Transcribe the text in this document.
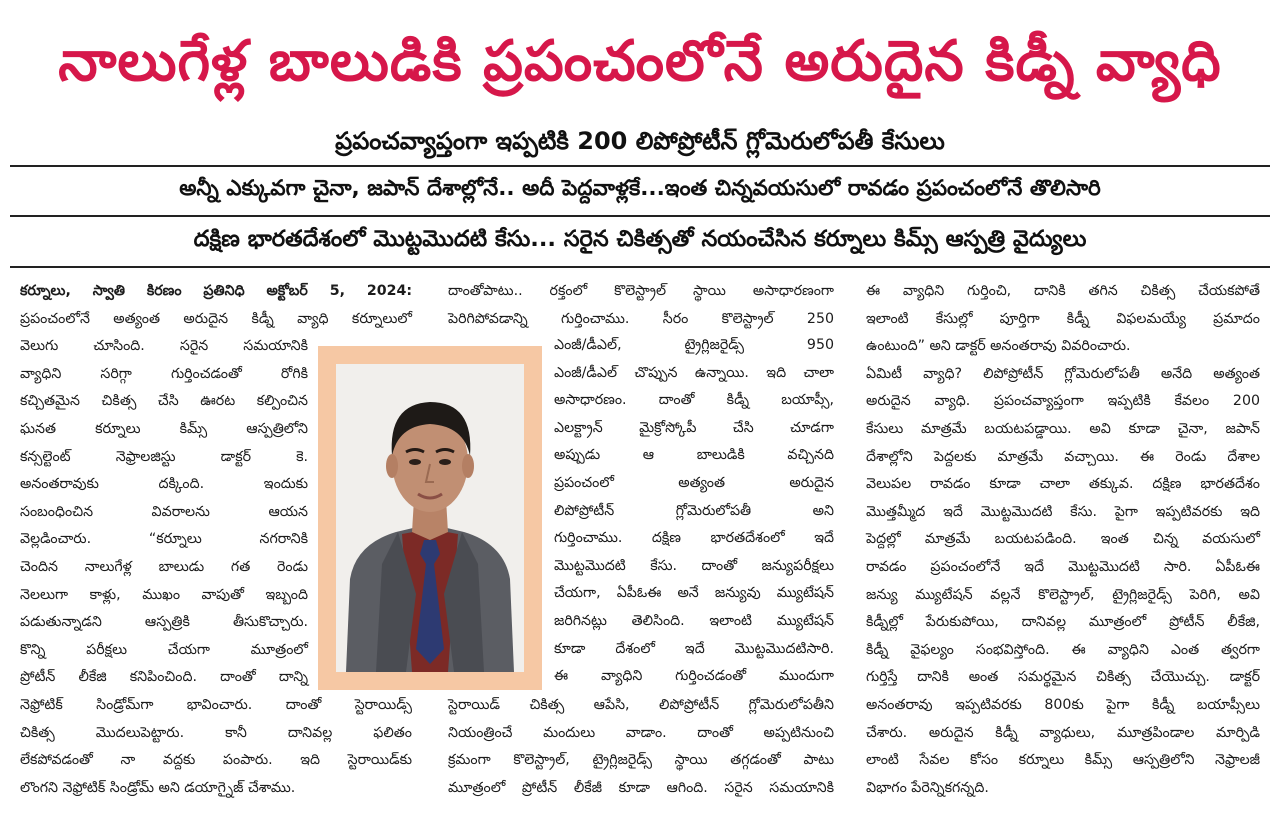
నాలుగేళ్ల బాలుడికి ప్రపంచంలోనే అరుదైన కిడ్నీ వ్యాధి
ప్రపంచవ్యాప్తంగా ఇప్పటికి 200 లిపోప్రోటీన్ గ్లోమెరులోపతీ కేసులు
అన్నీ ఎక్కువగా చైనా, జపాన్ దేశాల్లోనే.. అదీ పెద్దవాళ్లకే...ఇంత చిన్నవయసులో రావడం ప్రపంచంలోనే తొలిసారి
దక్షిణ భారతదేశంలో మొట్టమొదటి కేసు... సరైన చికిత్సతో నయంచేసిన కర్నూలు కిమ్స్ ఆస్పత్రి వైద్యులు

కర్నూలు, స్వాతి కిరణం ప్రతినిధి అక్టోబర్ 5, 2024:

ప్రపంచంలోనే అత్యంత అరుదైన కిడ్నీ వ్యాధి కర్నూలులో

వెలుగు చూసింది. సరైన సమయానికి

వ్యాధిని సరిగ్గా గుర్తించడంతో రోగికి

కచ్చితమైన చికిత్స చేసి ఊరట కల్పించిన

ఘనత కర్నూలు కిమ్స్ ఆస్పత్రిలోని

కన్సల్టెంట్ నెఫ్రాలజిస్టు డాక్టర్ కె.

అనంతరావుకు దక్కింది. ఇందుకు

సంబంధించిన వివరాలను ఆయన

వెల్లడించారు. “కర్నూలు నగరానికి

చెందిన నాలుగేళ్ల బాలుడు గత రెండు

నెలలుగా కాళ్లు, ముఖం వాపుతో ఇబ్బంది

పడుతున్నాడని ఆస్పత్రికి తీసుకొచ్చారు.

కొన్ని పరీక్షలు చేయగా మూత్రంలో

ప్రోటీన్ లీకేజి కనిపించింది. దాంతో దాన్ని

నెఫ్రోటిక్ సిండ్రోమ్‌గా భావించారు. దాంతో స్టెరాయిడ్స్

చికిత్స మొదలుపెట్టారు. కానీ దానివల్ల ఫలితం

లేకపోవడంతో నా వద్దకు పంపారు. ఇది స్టెరాయిడ్‌కు

లొంగని నెఫ్రోటిక్ సిండ్రోమ్ అని డయాగ్నైజ్ చేశాము.

దాంతోపాటు.. రక్తంలో కొలెస్ట్రాల్ స్థాయి అసాధారణంగా

పెరిగిపోవడాన్ని గుర్తించాము. సీరం కొలెస్ట్రాల్ 250

ఎంజీ/డీఎల్, ట్రైగ్లిజరైడ్స్ 950

ఎంజీ/డీఎల్ చొప్పున ఉన్నాయి. ఇది చాలా

అసాధారణం. దాంతో కిడ్నీ బయాప్సీ,

ఎలక్ట్రాన్ మైక్రోస్కోపీ చేసి చూడగా

అప్పుడు ఆ బాలుడికి వచ్చినది

ప్రపంచంలో అత్యంత అరుదైన

లిపోప్రోటీన్ గ్లోమెరులోపతీ అని

గుర్తించాము. దక్షిణ భారతదేశంలో ఇదే

మొట్టమొదటి కేసు. దాంతో జన్యుపరీక్షలు

చేయగా, ఏపీఓఈ అనే జన్యువు మ్యుటేషన్

జరిగినట్లు తెలిసింది. ఇలాంటి మ్యుటేషన్

కూడా దేశంలో ఇదే మొట్టమొదటిసారి.

ఈ వ్యాధిని గుర్తించడంతో ముందుగా

స్టెరాయిడ్ చికిత్స ఆపేసి, లిపోప్రోటీన్ గ్లోమెరులోపతీని

నియంత్రించే మందులు వాడాం. దాంతో అప్పటినుంచి

క్రమంగా కొలెస్ట్రాల్, ట్రైగ్లిజరైడ్స్ స్థాయి తగ్గడంతో పాటు

మూత్రంలో ప్రోటీన్ లీకేజీ కూడా ఆగింది. సరైన సమయానికి

ఈ వ్యాధిని గుర్తించి, దానికి తగిన చికిత్స చేయకపోతే

ఇలాంటి కేసుల్లో పూర్తిగా కిడ్నీ విఫలమయ్యే ప్రమాదం

ఉంటుంది” అని డాక్టర్ అనంతరావు వివరించారు.

ఏమిటీ వ్యాధి? లిపోప్రోటీన్ గ్లోమెరులోపతీ అనేది అత్యంత

అరుదైన వ్యాధి. ప్రపంచవ్యాప్తంగా ఇప్పటికి కేవలం 200

కేసులు మాత్రమే బయటపడ్డాయి. అవి కూడా చైనా, జపాన్

దేశాల్లోని పెద్దలకు మాత్రమే వచ్చాయి. ఈ రెండు దేశాల

వెలుపల రావడం కూడా చాలా తక్కువ. దక్షిణ భారతదేశం

మొత్తమ్మీద ఇదే మొట్టమొదటి కేసు. పైగా ఇప్పటివరకు ఇది

పెద్దల్లో మాత్రమే బయటపడింది. ఇంత చిన్న వయసులో

రావడం ప్రపంచంలోనే ఇదే మొట్టమొదటి సారి. ఏపీఓఈ

జన్యు మ్యుటేషన్ వల్లనే కొలెస్ట్రాల్, ట్రైగ్లిజరైడ్స్ పెరిగి, అవి

కిడ్నీల్లో పేరుకుపోయి, దానివల్ల మూత్రంలో ప్రోటీన్ లీకేజి,

కిడ్నీ వైఫల్యం సంభవిస్తోంది. ఈ వ్యాధిని ఎంత త్వరగా

గుర్తిస్తే దానికి అంత సమర్థమైన చికిత్స చేయొచ్చు. డాక్టర్

అనంతరావు ఇప్పటివరకు 800కు పైగా కిడ్నీ బయాప్సీలు

చేశారు. అరుదైన కిడ్నీ వ్యాధులు, మూత్రపిండాల మార్పిడి

లాంటి సేవల కోసం కర్నూలు కిమ్స్ ఆస్పత్రిలోని నెఫ్రాలజీ

విభాగం పేరెన్నికగన్నది.
